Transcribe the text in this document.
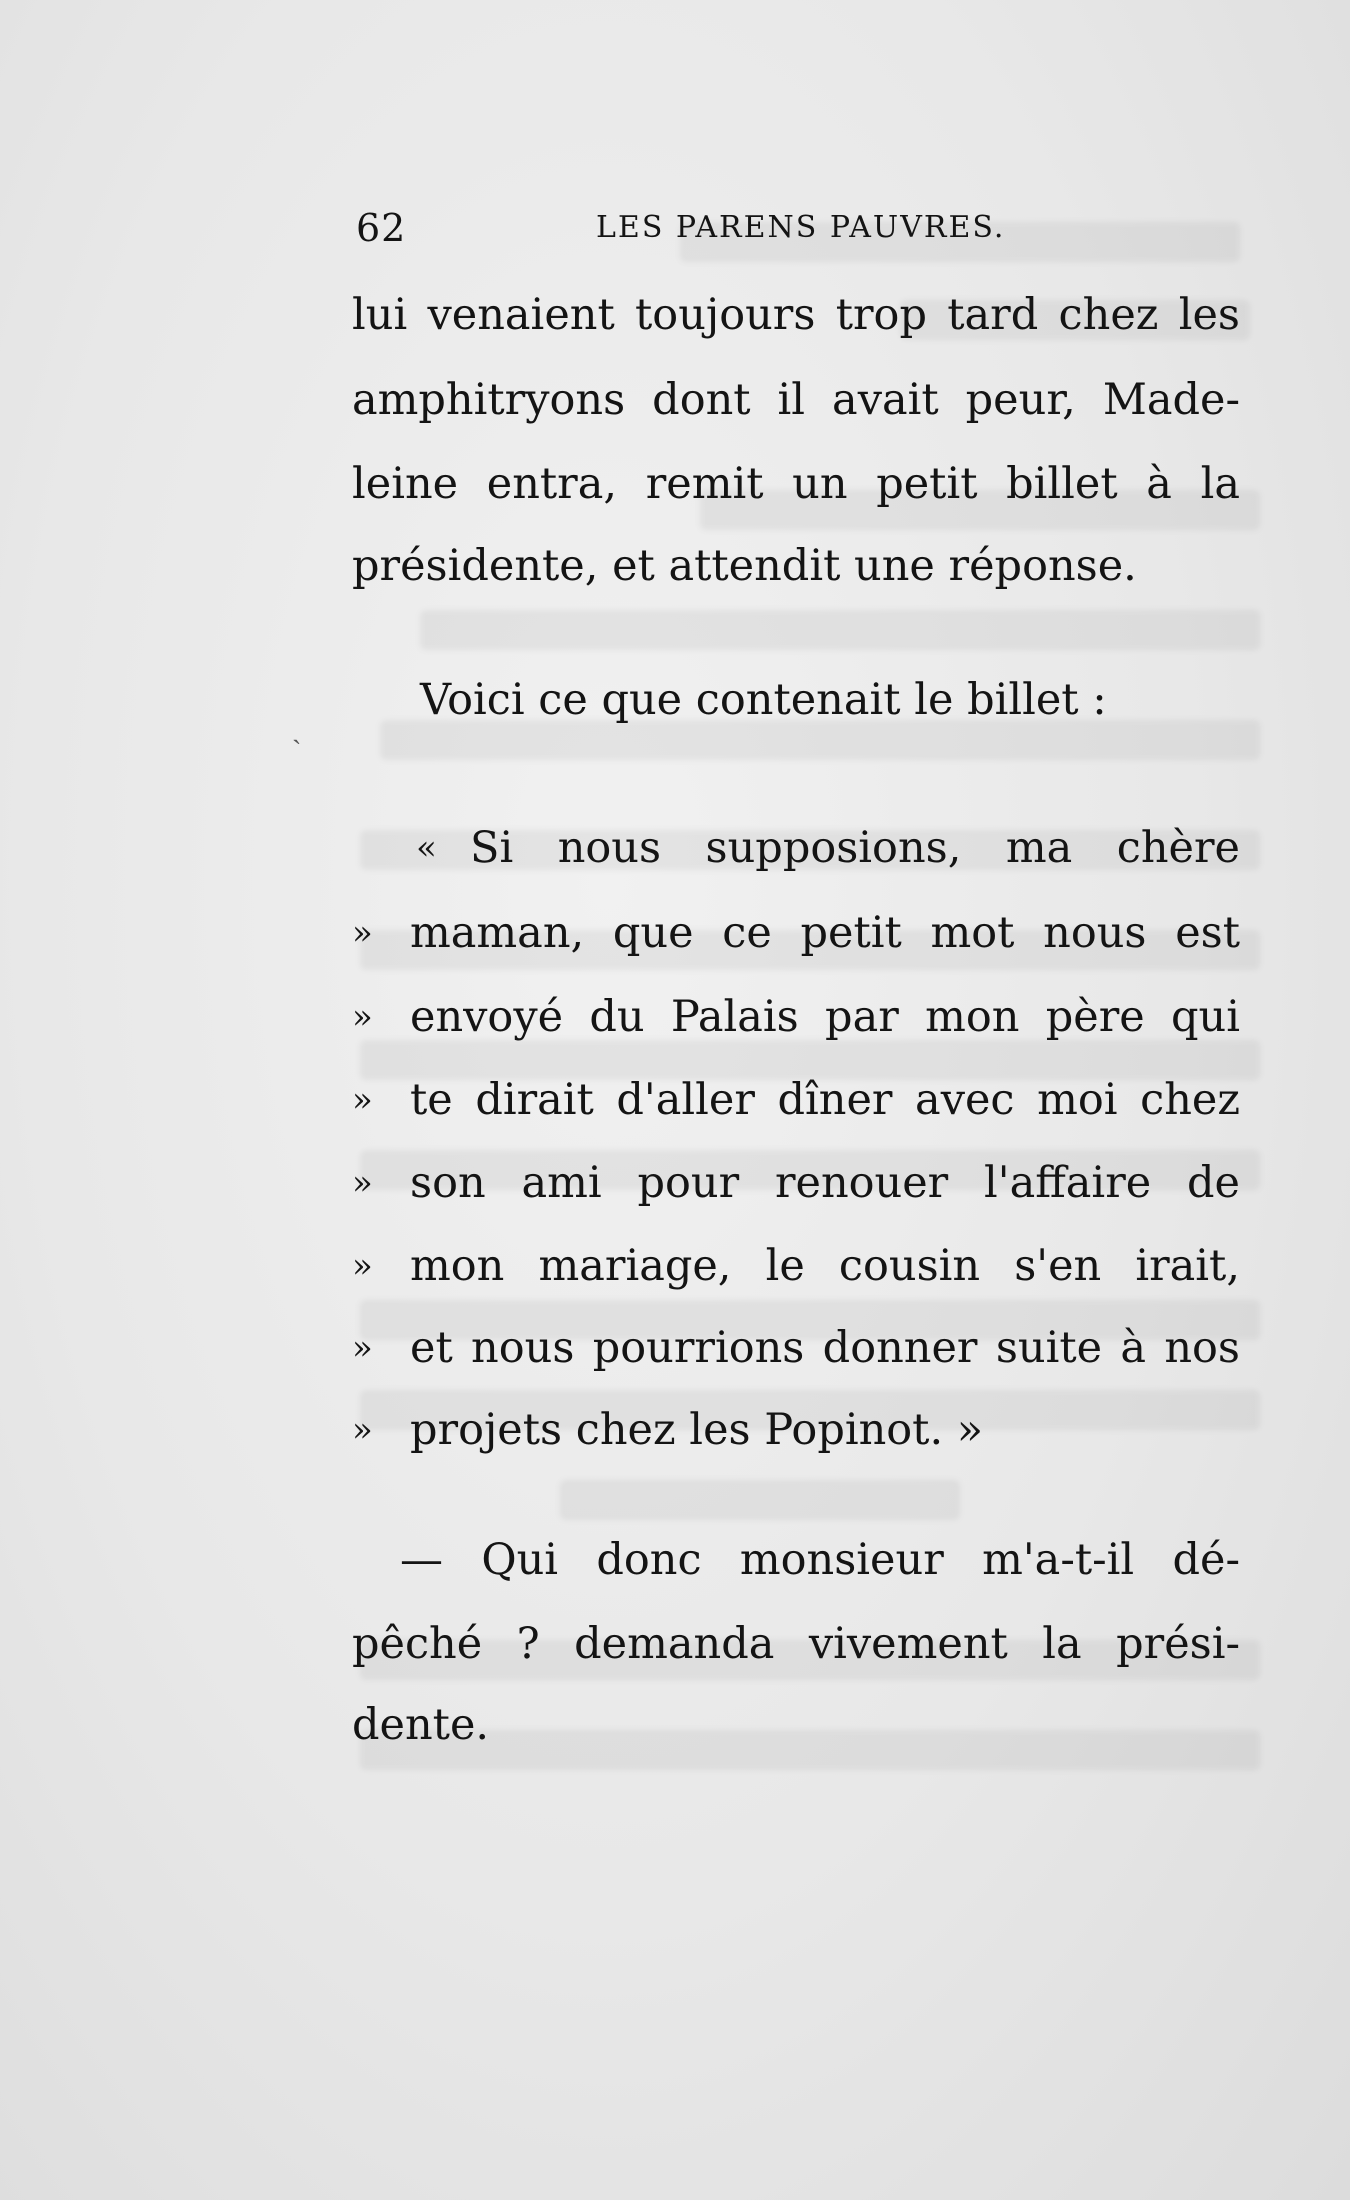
62	LES PARENS PAUVRES.
ˎ
lui venaient toujours trop tard chez les
amphitryons dont il avait peur, Made-
leine entra, remit un petit billet à la
présidente, et attendit une réponse.
Voici ce que contenait le billet :
« Si nous supposions, ma chère
» maman, que ce petit mot nous est
» envoyé du Palais par mon père qui
» te dirait d'aller dîner avec moi chez
» son ami pour renouer l'affaire de
» mon mariage, le cousin s'en irait,
» et nous pourrions donner suite à nos
» projets chez les Popinot. »
— Qui donc monsieur m'a-t-il dé-
pêché ? demanda vivement la prési-
dente.
